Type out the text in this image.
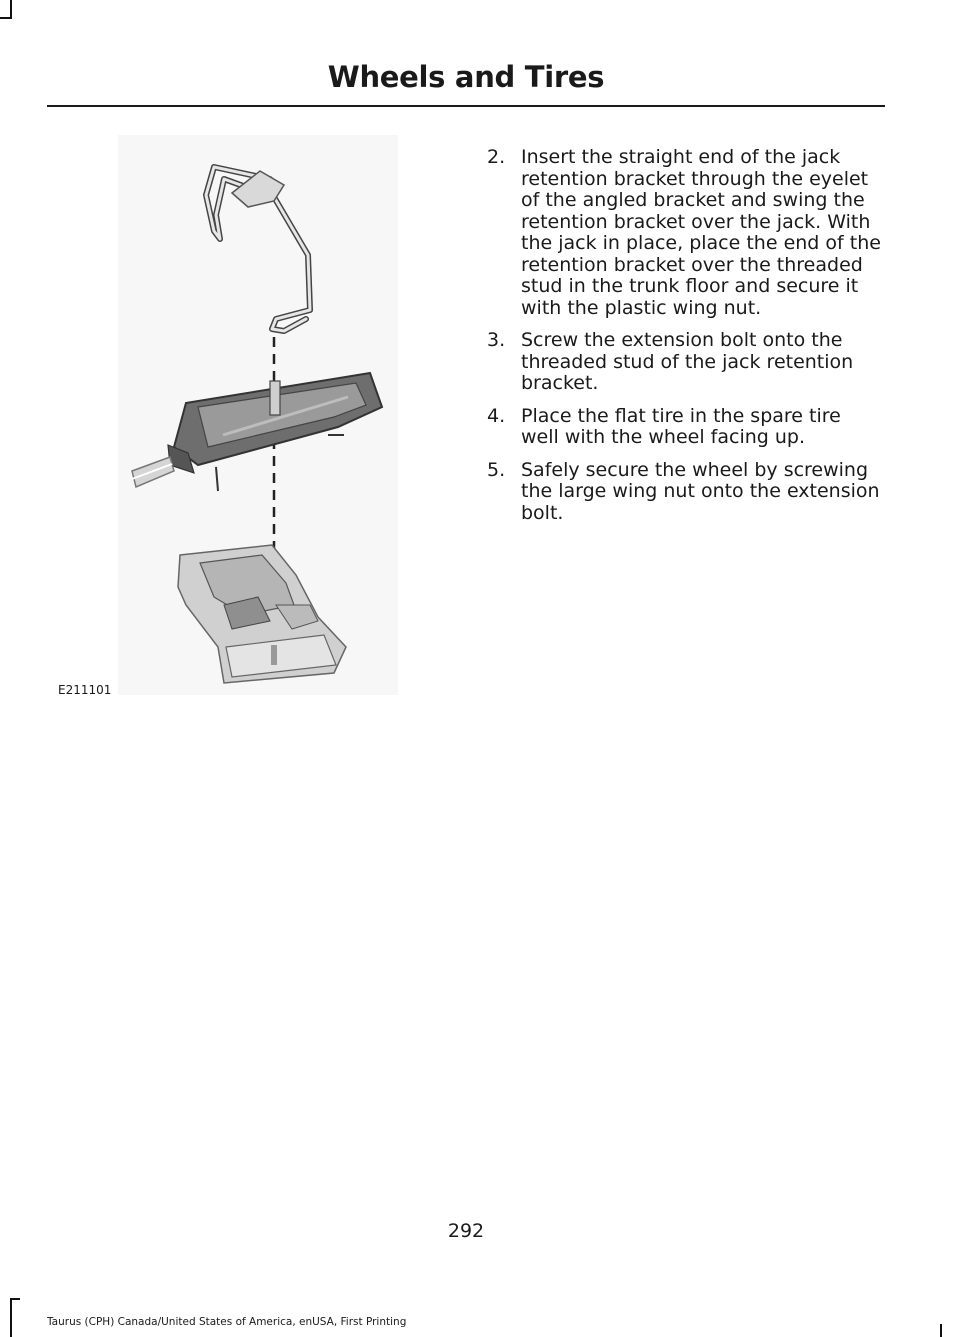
Wheels and Tires
E211101
2. Insert the straight end of the jack retention bracket through the eyelet of the angled bracket and swing the retention bracket over the jack. With the jack in place, place the end of the retention bracket over the threaded stud in the trunk floor and secure it with the plastic wing nut.
3. Screw the extension bolt onto the threaded stud of the jack retention bracket.
4. Place the flat tire in the spare tire well with the wheel facing up.
5. Safely secure the wheel by screwing the large wing nut onto the extension bolt.
292
Taurus (CPH) Canada/United States of America, enUSA, First Printing
